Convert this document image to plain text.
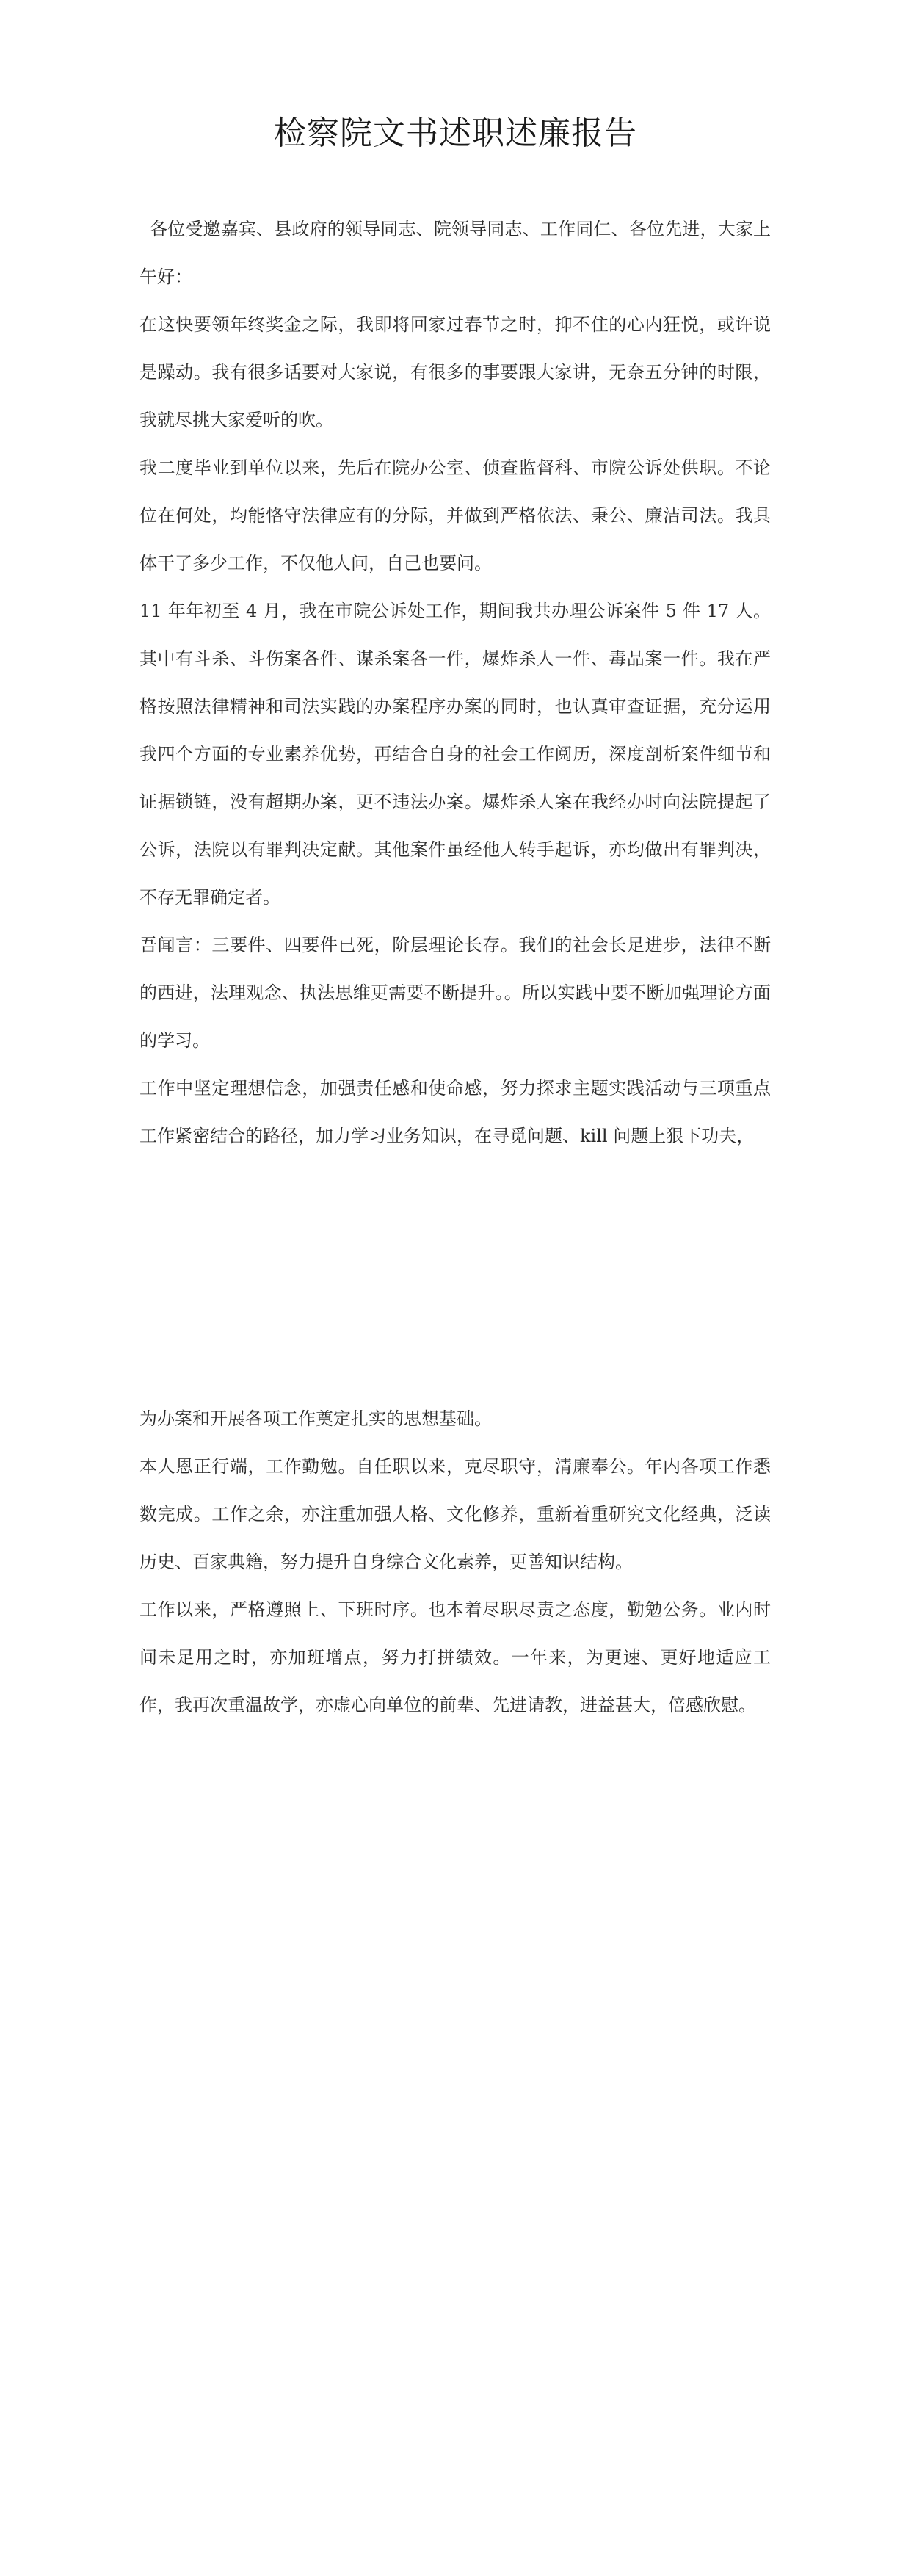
检察院文书述职述廉报告

各位受邀嘉宾、县政府的领导同志、院领导同志、工作同仁、各位先进，大家上午好：

在这快要领年终奖金之际，我即将回家过春节之时，抑不住的心内狂悦，或许说是躁动。我有很多话要对大家说，有很多的事要跟大家讲，无奈五分钟的时限，我就尽挑大家爱听的吹。

我二度毕业到单位以来，先后在院办公室、侦查监督科、市院公诉处供职。不论位在何处，均能恪守法律应有的分际，并做到严格依法、秉公、廉洁司法。我具体干了多少工作，不仅他人问，自己也要问。

11 年年初至 4 月，我在市院公诉处工作，期间我共办理公诉案件 5 件 17 人。其中有斗杀、斗伤案各件、谋杀案各一件，爆炸杀人一件、毒品案一件。我在严格按照法律精神和司法实践的办案程序办案的同时，也认真审查证据，充分运用我四个方面的专业素养优势，再结合自身的社会工作阅历，深度剖析案件细节和证据锁链，没有超期办案，更不违法办案。爆炸杀人案在我经办时向法院提起了公诉，法院以有罪判决定献。其他案件虽经他人转手起诉，亦均做出有罪判决，不存无罪确定者。

吾闻言：三要件、四要件已死，阶层理论长存。我们的社会长足进步，法律不断的西进，法理观念、执法思维更需要不断提升。。所以实践中要不断加强理论方面的学习。

工作中坚定理想信念，加强责任感和使命感，努力探求主题实践活动与三项重点工作紧密结合的路径，加力学习业务知识，在寻觅问题、kill 问题上狠下功夫，

为办案和开展各项工作奠定扎实的思想基础。

本人恩正行端，工作勤勉。自任职以来，克尽职守，清廉奉公。年内各项工作悉数完成。工作之余，亦注重加强人格、文化修养，重新着重研究文化经典，泛读历史、百家典籍，努力提升自身综合文化素养，更善知识结构。

工作以来，严格遵照上、下班时序。也本着尽职尽责之态度，勤勉公务。业内时间未足用之时，亦加班增点，努力打拼绩效。一年来，为更速、更好地适应工作，我再次重温故学，亦虚心向单位的前辈、先进请教，进益甚大，倍感欣慰。
